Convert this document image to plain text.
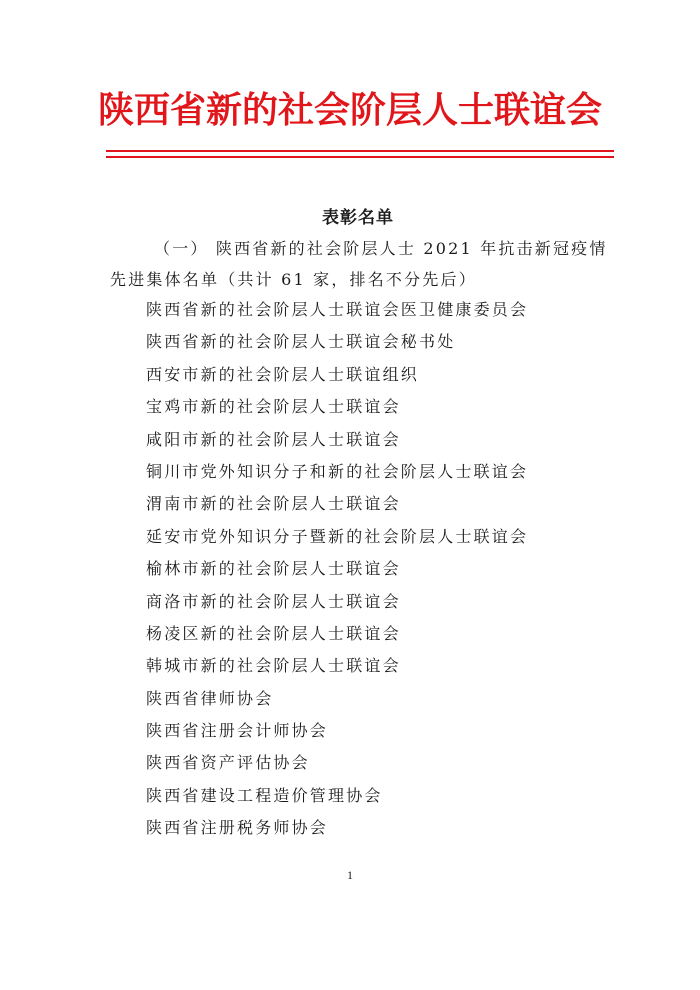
陕西省新的社会阶层人士联谊会
表彰名单
（一） 陕西省新的社会阶层人士 2021 年抗击新冠疫情
先进集体名单（共计 61 家，排名不分先后）
陕西省新的社会阶层人士联谊会医卫健康委员会
陕西省新的社会阶层人士联谊会秘书处
西安市新的社会阶层人士联谊组织
宝鸡市新的社会阶层人士联谊会
咸阳市新的社会阶层人士联谊会
铜川市党外知识分子和新的社会阶层人士联谊会
渭南市新的社会阶层人士联谊会
延安市党外知识分子暨新的社会阶层人士联谊会
榆林市新的社会阶层人士联谊会
商洛市新的社会阶层人士联谊会
杨凌区新的社会阶层人士联谊会
韩城市新的社会阶层人士联谊会
陕西省律师协会
陕西省注册会计师协会
陕西省资产评估协会
陕西省建设工程造价管理协会
陕西省注册税务师协会
1
